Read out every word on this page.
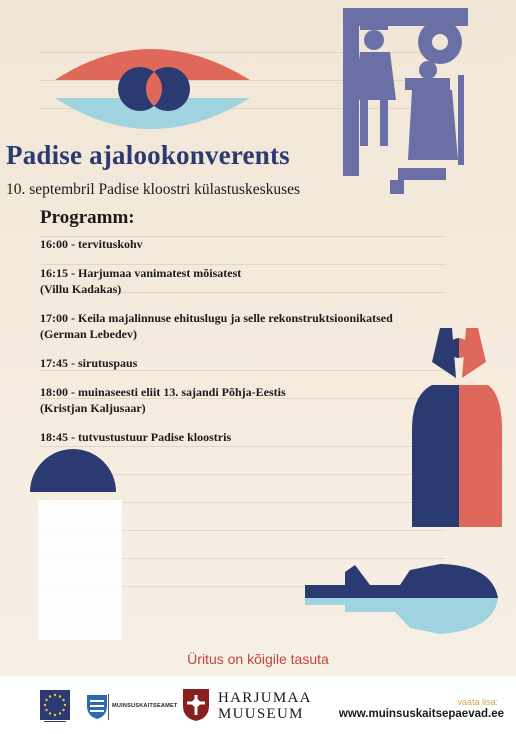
Padise ajalookonverents
10. septembril Padise kloostri külastuskeskuses
Programm:
16:00 - tervituskohv
16:15 - Harjumaa vanimatest mõisatest
(Villu Kadakas)
17:00 - Keila majalinnuse ehituslugu ja selle rekonstruktsioonikatsed
(German Lebedev)
17:45 - sirutuspaus
18:00 - muinaseesti eliit 13. sajandi Põhja-Eestis
(Kristjan Kaljusaar)
18:45 - tutvustustuur Padise kloostris
Üritus on kõigile tasuta
MUINSUSKAITSEAMET	HARJUMAA
MUUSEUM
vaata lisa:
www.muinsuskaitsepaevad.ee
